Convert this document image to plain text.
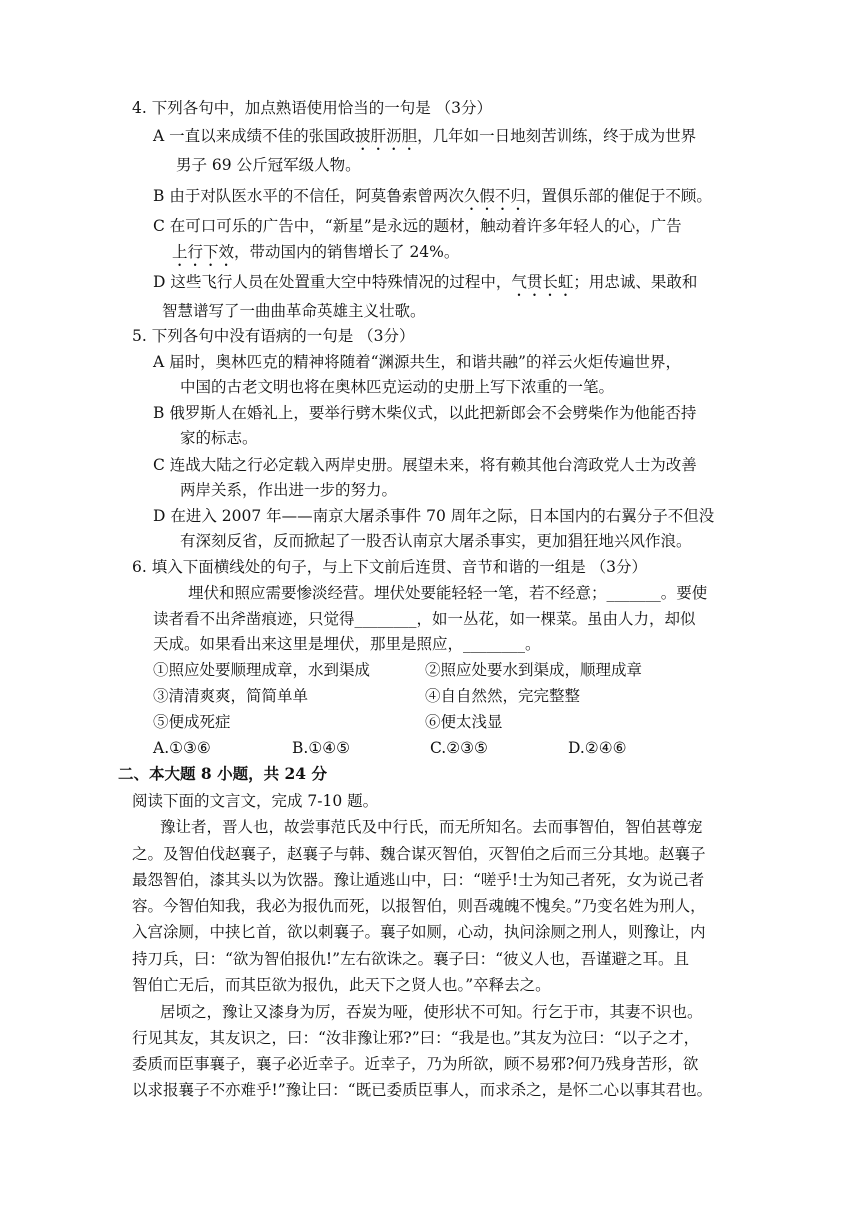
4. 下列各句中，加点熟语使用恰当的一句是 （3分）
A 一直以来成绩不佳的张国政披肝沥胆，几年如一日地刻苦训练，终于成为世界
男子 69 公斤冠军级人物。
B 由于对队医水平的不信任，阿莫鲁索曾两次久假不归，置俱乐部的催促于不顾。
C 在可口可乐的广告中，“新星”是永远的题材，触动着许多年轻人的心，广告
上行下效，带动国内的销售增长了 24%。
D 这些飞行人员在处置重大空中特殊情况的过程中，气贯长虹；用忠诚、果敢和
智慧谱写了一曲曲革命英雄主义壮歌。
5. 下列各句中没有语病的一句是 （3分）
A 届时，奥林匹克的精神将随着“渊源共生，和谐共融”的祥云火炬传遍世界，
中国的古老文明也将在奥林匹克运动的史册上写下浓重的一笔。
B 俄罗斯人在婚礼上，要举行劈木柴仪式，以此把新郎会不会劈柴作为他能否持
家的标志。
C 连战大陆之行必定载入两岸史册。展望未来，将有赖其他台湾政党人士为改善
两岸关系，作出进一步的努力。
D 在进入 2007 年——南京大屠杀事件 70 周年之际，日本国内的右翼分子不但没
有深刻反省，反而掀起了一股否认南京大屠杀事实，更加猖狂地兴风作浪。
6. 填入下面横线处的句子，与上下文前后连贯、音节和谐的一组是 （3分）
埋伏和照应需要惨淡经营。埋伏处要能轻轻一笔，若不经意；_______。要使
读者看不出斧凿痕迹，只觉得________，如一丛花，如一棵菜。虽由人力，却似
天成。如果看出来这里是埋伏，那里是照应，________。
①照应处要顺理成章，水到渠成	②照应处要水到渠成，顺理成章
③清清爽爽，简简单单	④自自然然，完完整整
⑤便成死症	⑥便太浅显
A.①③⑥	B.①④⑤	C.②③⑤	D.②④⑥
二、本大题 8 小题，共 24 分
阅读下面的文言文，完成 7-10 题。
豫让者，晋人也，故尝事范氏及中行氏，而无所知名。去而事智伯，智伯甚尊宠
之。及智伯伐赵襄子，赵襄子与韩、魏合谋灭智伯，灭智伯之后而三分其地。赵襄子
最怨智伯，漆其头以为饮器。豫让遁逃山中，曰：“嗟乎!士为知己者死，女为说己者
容。今智伯知我，我必为报仇而死，以报智伯，则吾魂魄不愧矣。”乃变名姓为刑人，
入宫涂厕，中挟匕首，欲以刺襄子。襄子如厕，心动，执问涂厕之刑人，则豫让，内
持刀兵，曰：“欲为智伯报仇!”左右欲诛之。襄子曰：“彼义人也，吾谨避之耳。且
智伯亡无后，而其臣欲为报仇，此天下之贤人也。”卒释去之。
居顷之，豫让又漆身为厉，吞炭为哑，使形状不可知。行乞于市，其妻不识也。
行见其友，其友识之，曰：“汝非豫让邪?”曰：“我是也。”其友为泣曰：“以子之才，
委质而臣事襄子，襄子必近幸子。近幸子，乃为所欲，顾不易邪?何乃残身苦形，欲
以求报襄子不亦难乎!”豫让曰：“既已委质臣事人，而求杀之，是怀二心以事其君也。
